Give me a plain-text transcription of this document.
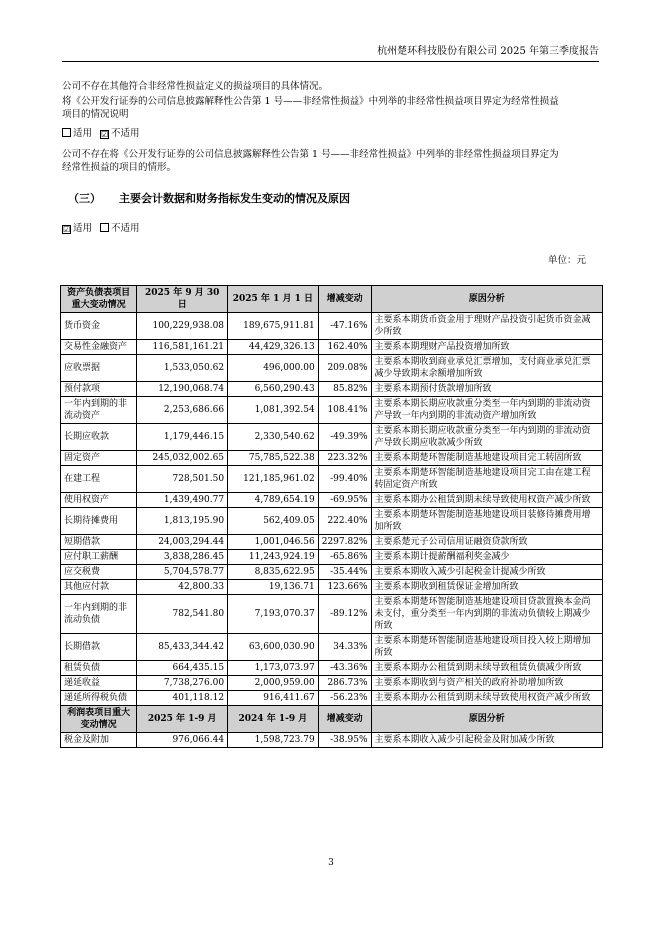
杭州楚环科技股份有限公司 2025 年第三季度报告
公司不存在其他符合非经常性损益定义的损益项目的具体情况。
将《公开发行证券的公司信息披露解释性公告第 1 号——非经常性损益》中列举的非经常性损益项目界定为经常性损益
项目的情况说明
适用 ☑ 不适用
公司不存在将《公开发行证券的公司信息披露解释性公告第 1 号——非经常性损益》中列举的非经常性损益项目界定为
经常性损益的项目的情形。
（三） 主要会计数据和财务指标发生变动的情况及原因
☑ 适用 不适用
单位：元
资产负债表项目重大变动情况	2025 年 9 月 30 日	2025 年 1 月 1 日	增减变动	原因分析
货币资金	100,229,938.08	189,675,911.81	-47.16%	主要系本期货币资金用于理财产品投资引起货币资金减少所致
交易性金融资产	116,581,161.21	44,429,326.13	162.40%	主要系本期理财产品投资增加所致
应收票据	1,533,050.62	496,000.00	209.08%	主要系本期收到商业承兑汇票增加，支付商业承兑汇票减少导致期末余额增加所致
预付款项	12,190,068.74	6,560,290.43	85.82%	主要系本期预付货款增加所致
一年内到期的非流动资产	2,253,686.66	1,081,392.54	108.41%	主要系本期长期应收款重分类至一年内到期的非流动资产导致一年内到期的非流动资产增加所致
长期应收款	1,179,446.15	2,330,540.62	-49.39%	主要系本期长期应收款重分类至一年内到期的非流动资产导致长期应收款减少所致
固定资产	245,032,002.65	75,785,522.38	223.32%	主要系本期楚环智能制造基地建设项目完工转固所致
在建工程	728,501.50	121,185,961.02	-99.40%	主要系本期楚环智能制造基地建设项目完工由在建工程转固定资产所致
使用权资产	1,439,490.77	4,789,654.19	-69.95%	主要系本期办公租赁到期未续导致使用权资产减少所致
长期待摊费用	1,813,195.90	562,409.05	222.40%	主要系本期楚环智能制造基地建设项目装修待摊费用增加所致
短期借款	24,003,294.44	1,001,046.56	2297.82%	主要系楚元子公司信用证融资贷款所致
应付职工薪酬	3,838,286.45	11,243,924.19	-65.86%	主要系本期计提薪酬福利奖金减少
应交税费	5,704,578.77	8,835,622.95	-35.44%	主要系本期收入减少引起税金计提减少所致
其他应付款	42,800.33	19,136.71	123.66%	主要系本期收到租赁保证金增加所致
一年内到期的非流动负债	782,541.80	7,193,070.37	-89.12%	主要系本期楚环智能制造基地建设项目贷款置换本金尚未支付，重分类至一年内到期的非流动负债较上期减少所致
长期借款	85,433,344.42	63,600,030.90	34.33%	主要系本期楚环智能制造基地建设项目投入较上期增加所致
租赁负债	664,435.15	1,173,073.97	-43.36%	主要系本期办公租赁到期未续导致租赁负债减少所致
递延收益	7,738,276.00	2,000,959.00	286.73%	主要系本期收到与资产相关的政府补助增加所致
递延所得税负债	401,118.12	916,411.67	-56.23%	主要系本期办公租赁到期未续导致使用权资产减少所致
利润表项目重大变动情况	2025 年 1-9 月	2024 年 1-9 月	增减变动	原因分析
税金及附加	976,066.44	1,598,723.79	-38.95%	主要系本期收入减少引起税金及附加减少所致
3
